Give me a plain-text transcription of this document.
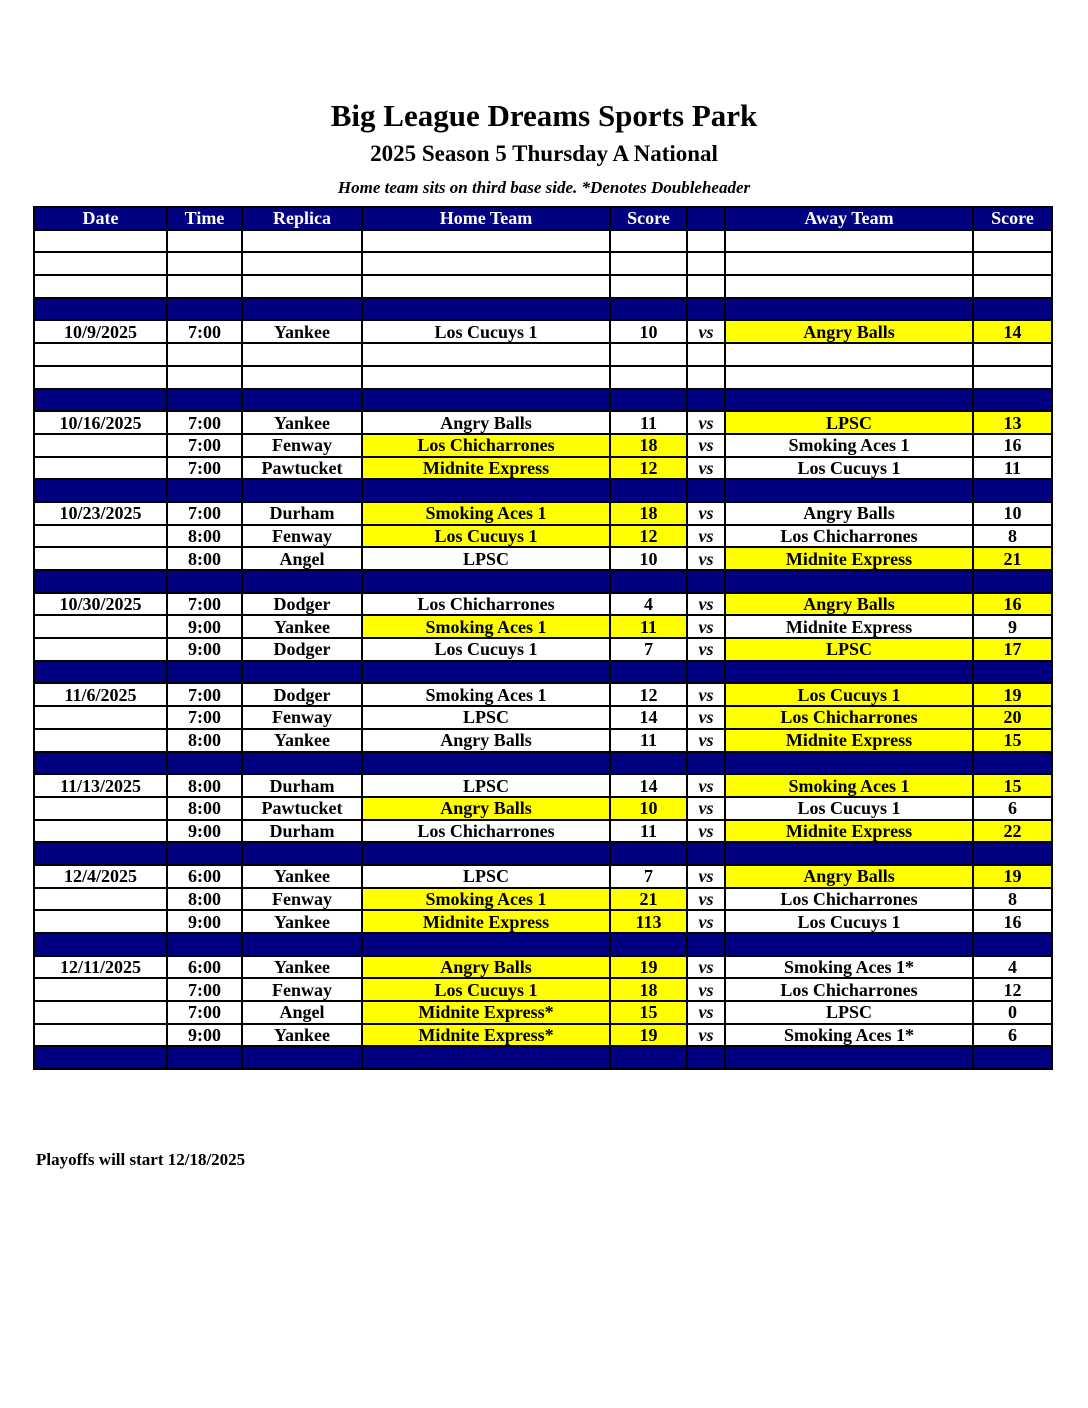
Big League Dreams Sports Park
2025 Season 5 Thursday A National
Home team sits on third base side. *Denotes Doubleheader
Date	Time	Replica	Home Team	Score		Away Team	Score

10/9/2025	7:00	Yankee	Los Cucuys 1	10	vs	Angry Balls	14

10/16/2025	7:00	Yankee	Angry Balls	11	vs	LPSC	13
	7:00	Fenway	Los Chicharrones	18	vs	Smoking Aces 1	16
	7:00	Pawtucket	Midnite Express	12	vs	Los Cucuys 1	11

10/23/2025	7:00	Durham	Smoking Aces 1	18	vs	Angry Balls	10
	8:00	Fenway	Los Cucuys 1	12	vs	Los Chicharrones	8
	8:00	Angel	LPSC	10	vs	Midnite Express	21

10/30/2025	7:00	Dodger	Los Chicharrones	4	vs	Angry Balls	16
	9:00	Yankee	Smoking Aces 1	11	vs	Midnite Express	9
	9:00	Dodger	Los Cucuys 1	7	vs	LPSC	17

11/6/2025	7:00	Dodger	Smoking Aces 1	12	vs	Los Cucuys 1	19
	7:00	Fenway	LPSC	14	vs	Los Chicharrones	20
	8:00	Yankee	Angry Balls	11	vs	Midnite Express	15

11/13/2025	8:00	Durham	LPSC	14	vs	Smoking Aces 1	15
	8:00	Pawtucket	Angry Balls	10	vs	Los Cucuys 1	6
	9:00	Durham	Los Chicharrones	11	vs	Midnite Express	22

12/4/2025	6:00	Yankee	LPSC	7	vs	Angry Balls	19
	8:00	Fenway	Smoking Aces 1	21	vs	Los Chicharrones	8
	9:00	Yankee	Midnite Express	113	vs	Los Cucuys 1	16

12/11/2025	6:00	Yankee	Angry Balls	19	vs	Smoking Aces 1*	4
	7:00	Fenway	Los Cucuys 1	18	vs	Los Chicharrones	12
	7:00	Angel	Midnite Express*	15	vs	LPSC	0
	9:00	Yankee	Midnite Express*	19	vs	Smoking Aces 1*	6

Playoffs will start 12/18/2025
